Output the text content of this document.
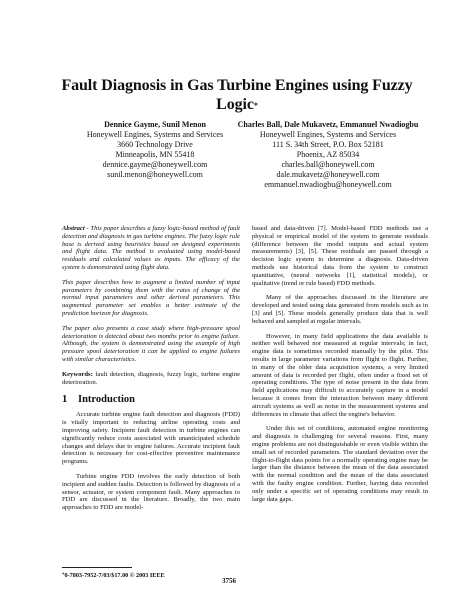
Fault Diagnosis in Gas Turbine Engines using Fuzzy Logic*
Dennice Gayme, Sunil Menon
Honeywell Engines, Systems and Services
3660 Technology Drive
Minneapolis, MN 55418
dennice.gayme@honeywell.com
sunil.menon@honeywell.com
Charles Ball, Dale Mukavetz, Emmanuel Nwadiogbu
Honeywell Engines, Systems and Services
111 S. 34th Street, P.O. Box 52181
Phoenix, AZ 85034
charles.ball@honeywell.com
dale.mukavetz@honeywell.com
emmanuel.nwadiogbu@honeywell.com

Abstract - This paper describes a fuzzy logic-based method of fault detection and diagnosis in gas turbine engines. The fuzzy logic rule base is derived using heuristics based on designed experiments and flight data. The method is evaluated using model-based residuals and calculated values as inputs. The efficacy of the system is demonstrated using flight data.

This paper describes how to augment a limited number of input parameters by combining them with the rates of change of the normal input parameters and other derived parameters. This augmented parameter set enables a better estimate of the prediction horizon for diagnosis.

The paper also presents a case study where high-pressure spool deterioration is detected about two months prior to engine failure. Although, the system is demonstrated using the example of high pressure spool deterioration it can be applied to engine failures with similar characteristics.

Keywords: fault detection, diagnosis, fuzzy logic, turbine engine deterioration.

1 Introduction

Accurate turbine engine fault detection and diagnosis (FDD) is vitally important to reducing airline operating costs and improving safety. Incipient fault detection in turbine engines can significantly reduce costs associated with unanticipated schedule changes and delays due to engine failures. Accurate incipient fault detection is necessary for cost-effective preventive maintenance programs.

Turbine engine FDD involves the early detection of both incipient and sudden faults. Detection is followed by diagnosis of a sensor, actuator, or system component fault. Many approaches to FDD are discussed in the literature. Broadly, the two main approaches to FDD are model-

based and data-driven [7]. Model-based FDD methods use a physical or empirical model of the system to generate residuals (difference between the model outputs and actual system measurements) [3], [5]. These residuals are passed through a decision logic system to determine a diagnosis. Data-driven methods use historical data from the system to construct quantitative, (neural networks [1], statistical models), or qualitative (trend or rule based) FDD methods.

Many of the approaches discussed in the literature are developed and tested using data generated from models such as in [3] and [5]. These models generally produce data that is well behaved and sampled at regular intervals.

However, in many field applications the data available is neither well behaved nor measured at regular intervals; in fact, engine data is sometimes recorded manually by the pilot. This results in large parameter variations from flight to flight. Further, in many of the older data acquisition systems, a very limited amount of data is recorded per flight, often under a fixed set of operating conditions. The type of noise present in the data from field applications may difficult to accurately capture in a model because it comes from the interaction between many different aircraft systems as well as noise in the measurement systems and differences in climate that affect the engine's behavior.

Under this set of conditions, automated engine monitoring and diagnosis is challenging for several reasons. First, many engine problems are not distinguishable or even visible within the small set of recorded parameters. The standard deviation over the flight-to-flight data points for a normally operating engine may be larger than the distance between the mean of the data associated with the normal condition and the mean of the data associated with the faulty engine condition. Further, having data recorded only under a specific set of operating conditions may result in large data gaps.

*0-7803-7952-7/03/$17.00 © 2003 IEEE
3756
